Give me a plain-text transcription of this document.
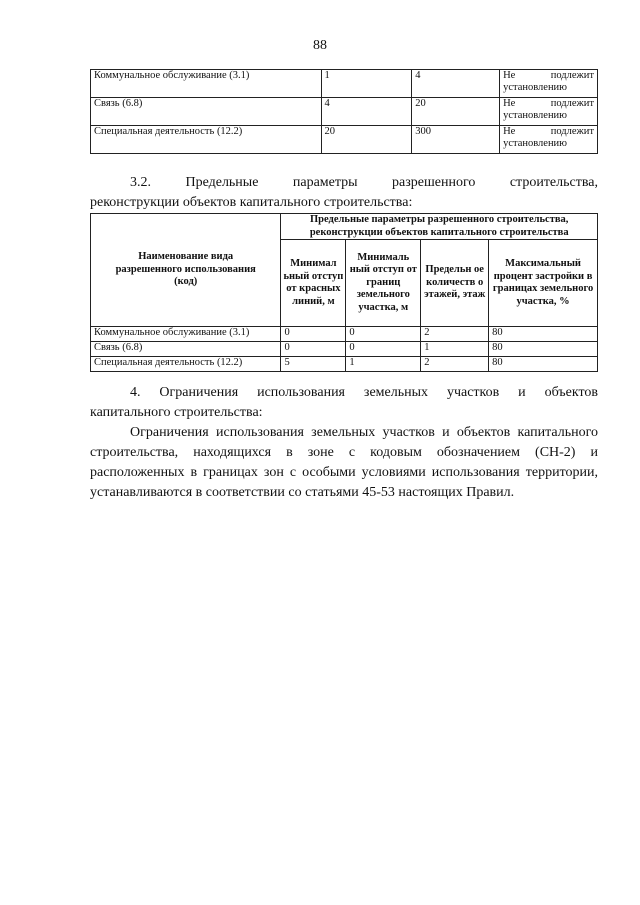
88
Коммунальное обслуживание (3.1)	1	4	Не подлежит
установлению

Связь (6.8)	4	20	Не подлежит
установлению

Специальная деятельность (12.2)	20	300	Не подлежит
установлению
3.2. Предельные параметры разрешенного строительства,
реконструкции объектов капитального строительства:
Наименование вида разрешенного использования (код)	Предельные параметры разрешенного строительства, реконструкции объектов капитального строительства			
	Минимал ьный отступ от красных линий, м	Минималь ный отступ от границ земельного участка, м	Предельн ое количеств о этажей, этаж	Максимальный процент застройки в границах земельного участка, %
Коммунальное обслуживание (3.1)	0	0	2	80
Связь (6.8)	0	0	1	80
Специальная деятельность (12.2)	5	1	2	80
4. Ограничения использования земельных участков и объектов
капитального строительства:

Ограничения использования земельных участков и объектов капитального строительства, находящихся в зоне с кодовым обозначением (СН-2) и расположенных в границах зон с особыми условиями использования территории, устанавливаются в соответствии со статьями 45-53 настоящих Правил.
